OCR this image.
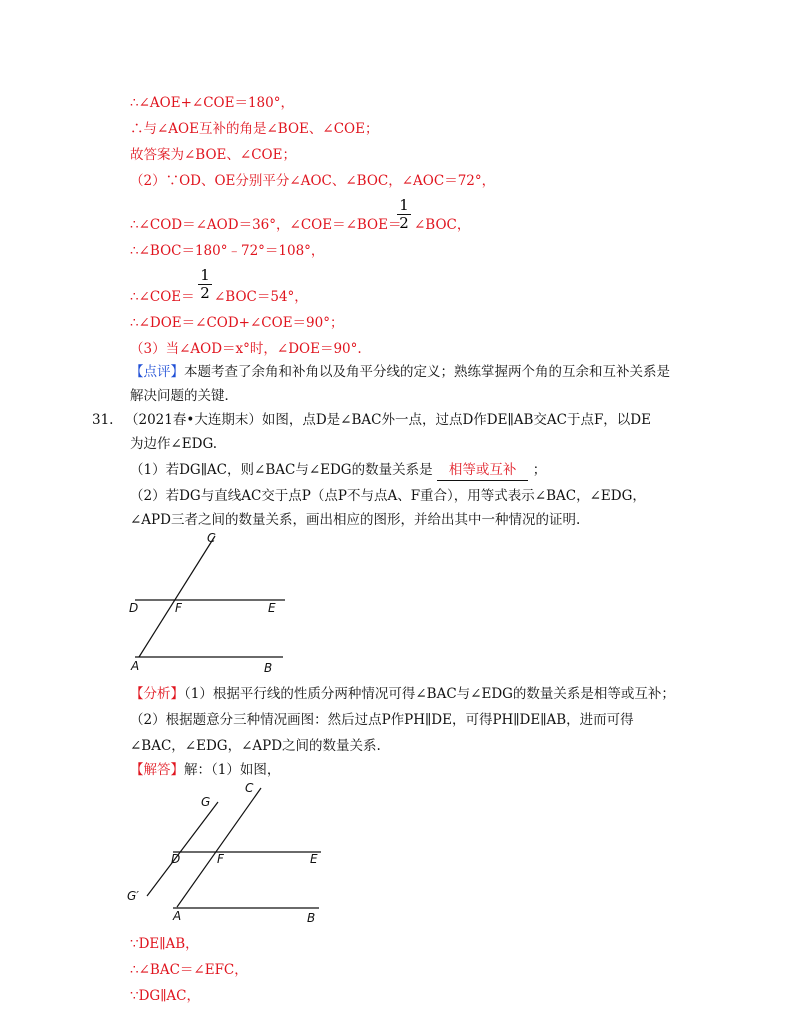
∴∠AOE+∠COE＝180°，
∴与∠AOE互补的角是∠BOE、∠COE；
故答案为∠BOE、∠COE；
（2）∵OD、OE分别平分∠AOC、∠BOC，∠AOC＝72°，
∴∠COD＝∠AOD＝36°，∠COE＝∠BOE＝
$\frac{1}{2}$ ∠BOC，
∴∠BOC＝180°﹣72°＝108°，
∴∠COE＝ $\frac{1}{2}$ ∠BOC＝54°，
∴∠DOE＝∠COD+∠COE＝90°；
（3）当∠AOD＝x°时，∠DOE＝90°.
【点评】本题考查了余角和补角以及角平分线的定义；熟练掌握两个角的互余和互补关系是
解决问题的关键．
31. （2021春•大连期末）如图，点D是∠BAC外一点，过点D作DE∥AB交AC于点F，以DE
为边作∠EDG.
（1）若DG∥AC，则∠BAC与∠EDG的数量关系是 相等或互补 ；
（2）若DG与直线AC交于点P（点P不与点A、F重合），用等式表示∠BAC，∠EDG，
∠APD三者之间的数量关系，画出相应的图形，并给出其中一种情况的证明.
C
D	F	E
A	B
【分析】（1）根据平行线的性质分两种情况可得∠BAC与∠EDG的数量关系是相等或互补；
（2）根据题意分三种情况画图：然后过点P作PH∥DE，可得PH∥DE∥AB，进而可得
∠BAC，∠EDG，∠APD之间的数量关系.
【解答】解：（1）如图，
G
C
D	F	E
G′
A	B
∵DE∥AB，
∴∠BAC＝∠EFC，
∵DG∥AC，
